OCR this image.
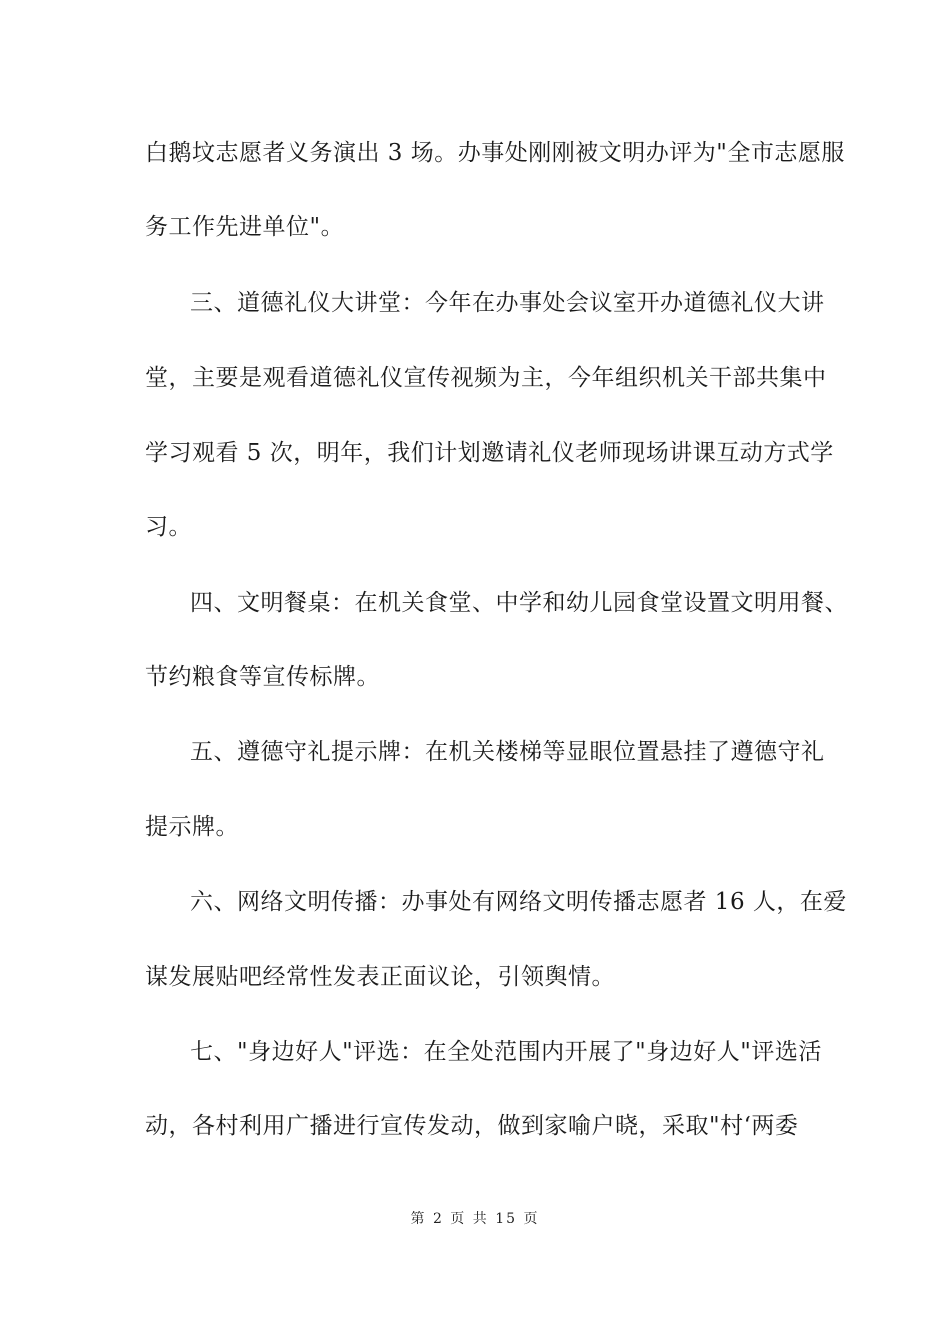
白鹅坟志愿者义务演出 3 场。办事处刚刚被文明办评为"全市志愿服
务工作先进单位"。
三、道德礼仪大讲堂：今年在办事处会议室开办道德礼仪大讲
堂，主要是观看道德礼仪宣传视频为主，今年组织机关干部共集中
学习观看 5 次，明年，我们计划邀请礼仪老师现场讲课互动方式学
习。
四、文明餐桌：在机关食堂、中学和幼儿园食堂设置文明用餐、
节约粮食等宣传标牌。
五、遵德守礼提示牌：在机关楼梯等显眼位置悬挂了遵德守礼
提示牌。
六、网络文明传播：办事处有网络文明传播志愿者 16 人，在爱
谋发展贴吧经常性发表正面议论，引领舆情。
七、"身边好人"评选：在全处范围内开展了"身边好人"评选活
动，各村利用广播进行宣传发动，做到家喻户晓，采取"村‘两委
第 2 页 共 15 页
